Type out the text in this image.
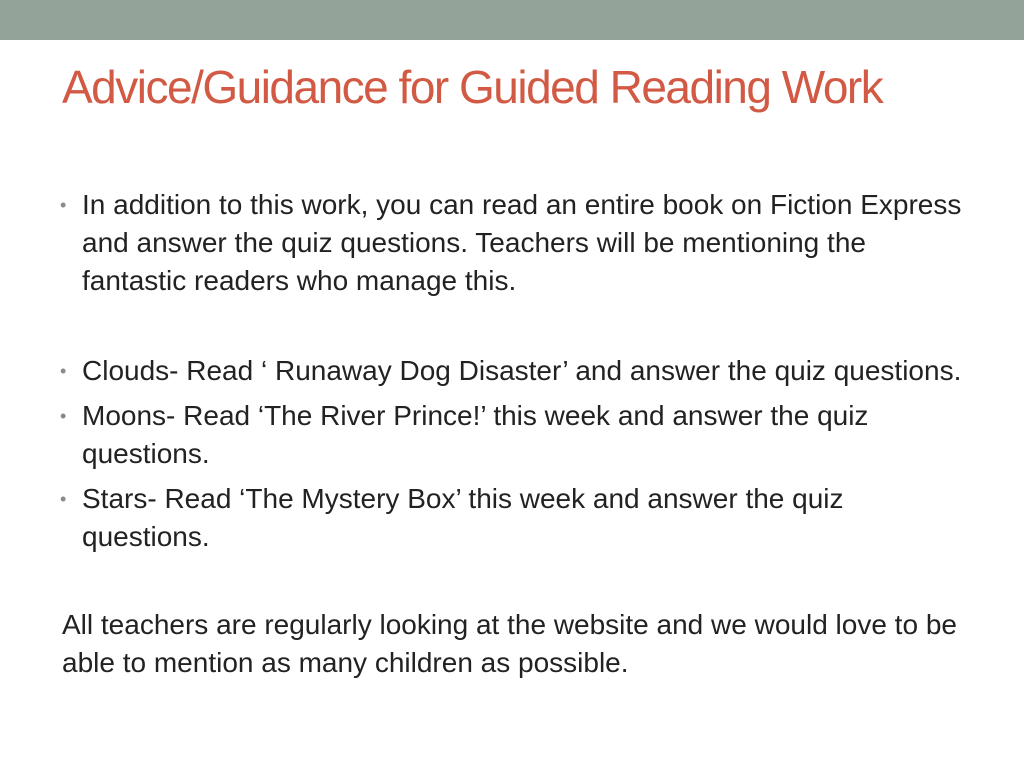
Advice/Guidance for Guided Reading Work
• In addition to this work, you can read an entire book on Fiction Express and answer the quiz questions. Teachers will be mentioning the fantastic readers who manage this.
• Clouds- Read ‘ Runaway Dog Disaster’ and answer the quiz questions.
• Moons- Read ‘The River Prince!’ this week and answer the quiz questions.
• Stars- Read ‘The Mystery Box’ this week and answer the quiz questions.

All teachers are regularly looking at the website and we would love to be able to mention as many children as possible.
